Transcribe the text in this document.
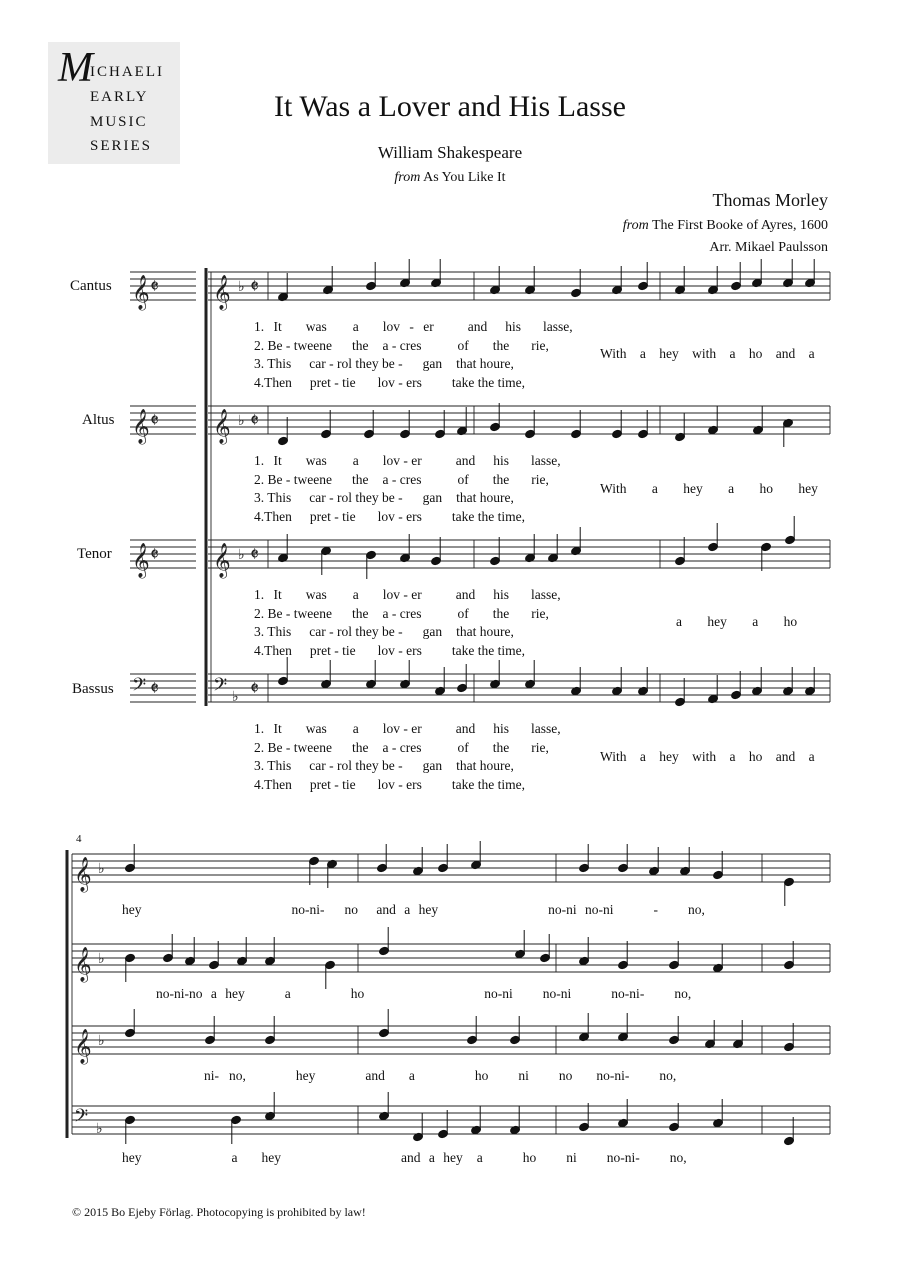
M
ICHAELI
EARLY
MUSIC
SERIES
It Was a Lover and His Lasse
William Shakespeare
from As You Like It
Thomas Morley
from The First Booke of Ayres, 1600
Arr. Mikael Paulsson
Cantus
Altus
Tenor
Bassus
𝄞 𝄞
𝄞 𝄞
𝄞 𝄞
𝄞
𝄞
𝄞
𝄢	𝄢
𝄢
♭
♭
♭
♭
♭
♭
♭
♭
𝄵	𝄵
𝄵	𝄵
𝄵	𝄵
𝄵	𝄵
1. It was a lov - er	and his lasse,
2. Be - tweene the a - cres	of the rie,
3. This car - rol they be - gan that houre,
4.Then pret - tie lov - ers take the time,
With a hey with a ho and a
1. It was a lov - er	and his lasse,
2. Be - tweene the a - cres	of the rie,
3. This car - rol they be - gan that houre,
4.Then pret - tie lov - ers take the time,
With a hey a ho hey
1. It was a lov - er	and his lasse,
2. Be - tweene the a - cres	of the rie,
3. This car - rol they be - gan that houre,
4.Then pret - tie lov - ers take the time,
a hey a ho
1. It was a lov - er	and his lasse,
2. Be - tweene the a - cres	of the rie,
3. This car - rol they be - gan that houre,
4.Then pret - tie lov - ers take the time,
With a hey with a ho and a
4
hey	no-ni- no and a hey	no-ni no-ni	- no,
no-ni-no a hey	a	ho	no-ni no-ni	no-ni- no,
ni- no,	hey	and a	ho ni no no-ni- no,
hey	a hey	and a hey a	ho ni no-ni- no,
© 2015 Bo Ejeby Förlag. Photocopying is prohibited by law!
